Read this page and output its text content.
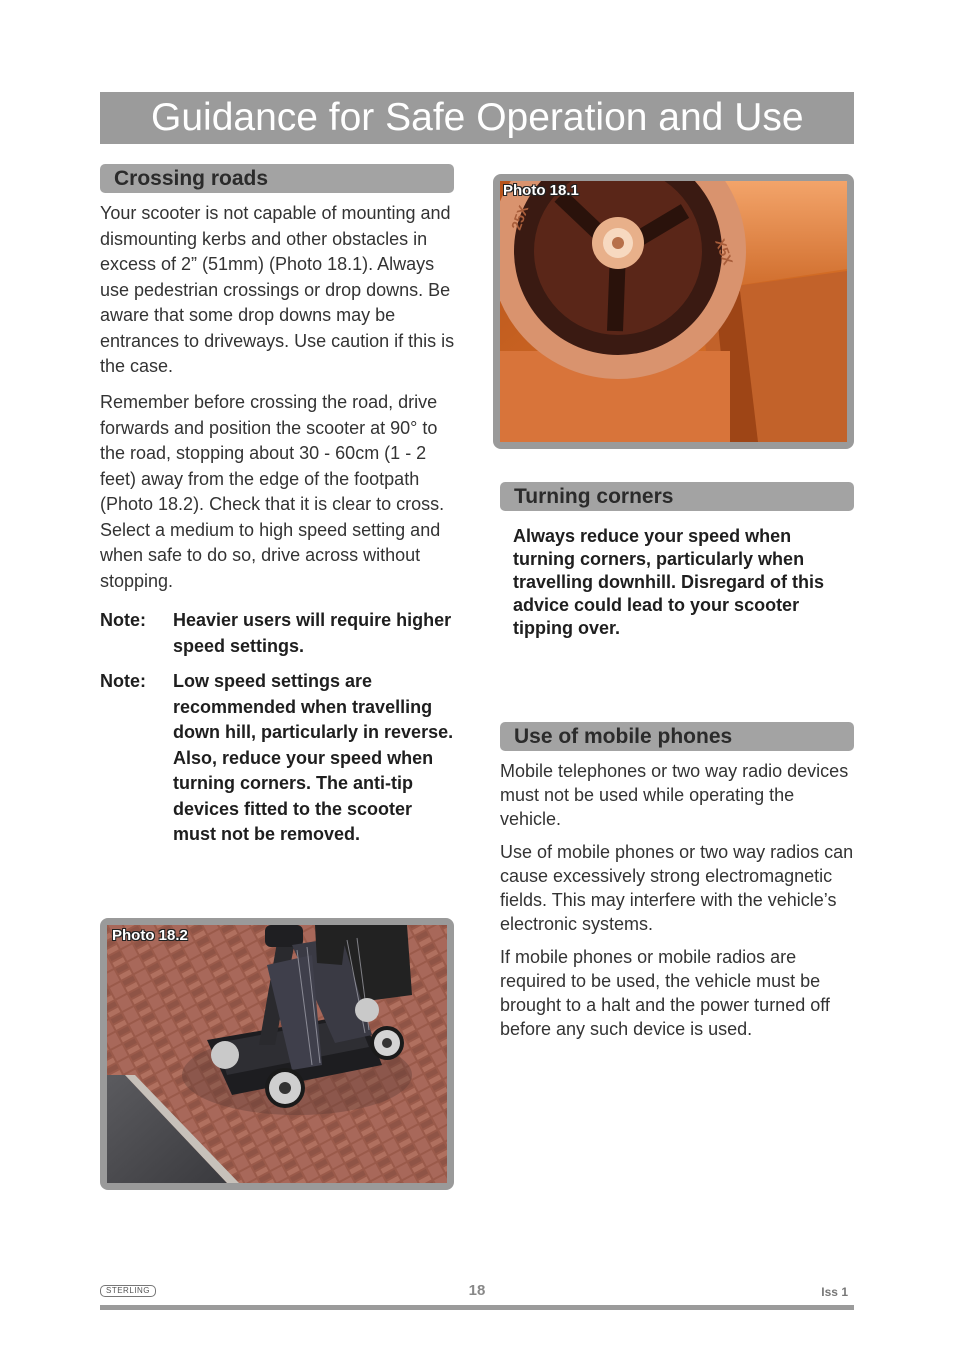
Guidance for Safe Operation and Use
Crossing roads

Your scooter is not capable of mounting and dismounting kerbs and other obstacles in excess of 2” (51mm) (Photo 18.1). Always use pedestrian crossings or drop downs. Be aware that some drop downs may be entrances to driveways. Use caution if this is the case.

Remember before crossing the road, drive forwards and position the scooter at 90° to the road, stopping about 30 - 60cm (1 - 2 feet) away from the edge of the footpath (Photo 18.2). Check that it is clear to cross. Select a medium to high speed setting and when safe to do so, drive across without stopping.

Note: Heavier users will require higher speed settings.
Note: Low speed settings are recommended when travelling down hill, particularly in reverse. Also, reduce your speed when turning corners. The anti-tip devices fitted to the scooter must not be removed.
Photo 18.2
X5X
25X
Photo 18.1
Turning corners

Always reduce your speed when turning corners, particularly when travelling downhill. Disregard of this advice could lead to your scooter tipping over.

Use of mobile phones

Mobile telephones or two way radio devices must not be used while operating the vehicle.

Use of mobile phones or two way radios can cause excessively strong electromagnetic fields. This may interfere with the vehicle’s electronic systems.

If mobile phones or mobile radios are required to be used, the vehicle must be brought to a halt and the power turned off before any such device is used.

STERLING	18	Iss 1
